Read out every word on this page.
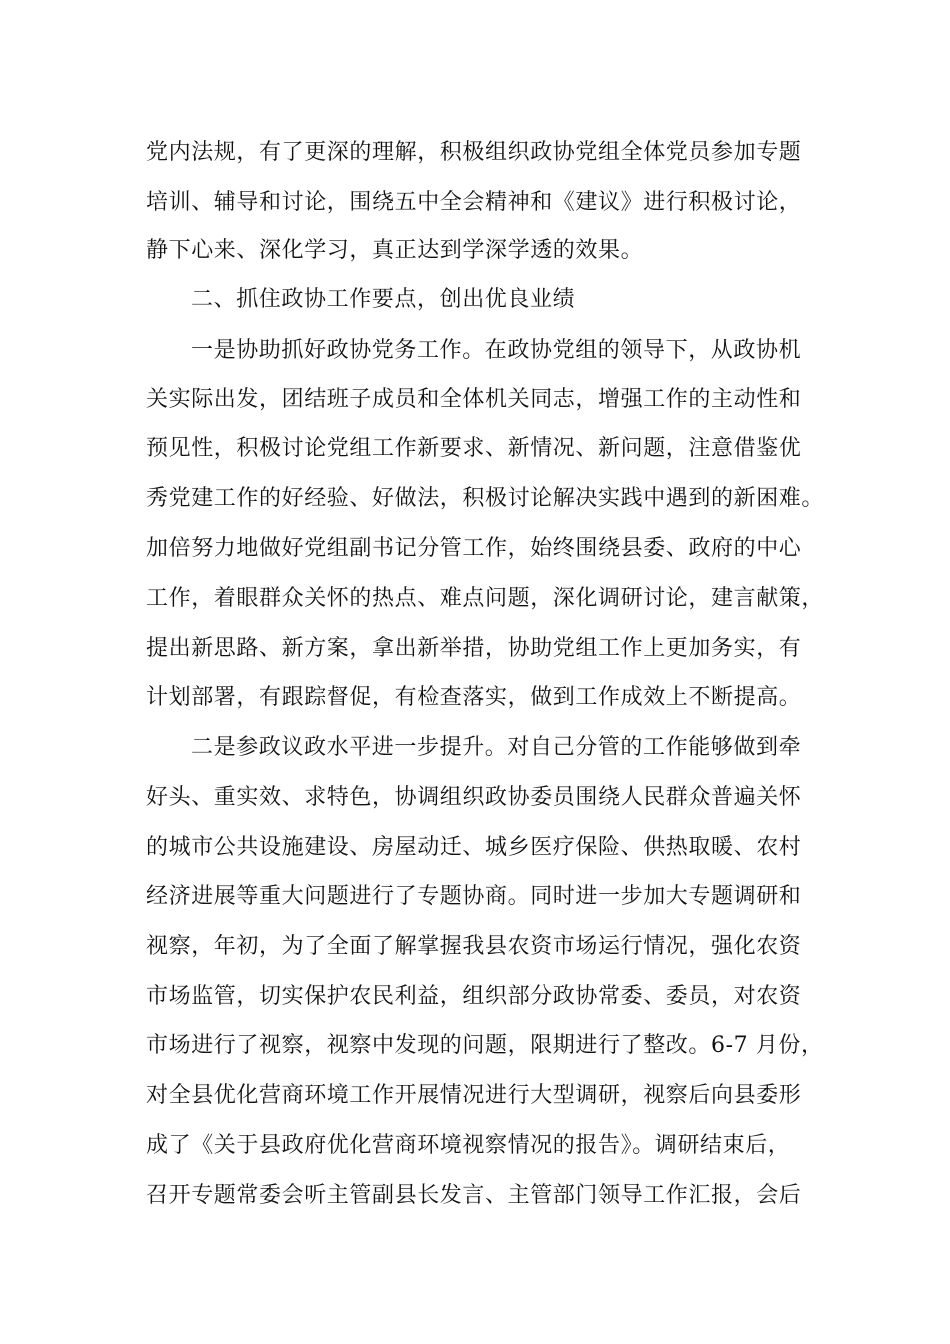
党内法规，有了更深的理解，积极组织政协党组全体党员参加专题
培训、辅导和讨论，围绕五中全会精神和《建议》进行积极讨论，
静下心来、深化学习，真正达到学深学透的效果。
二、抓住政协工作要点，创出优良业绩
一是协助抓好政协党务工作。在政协党组的领导下，从政协机
关实际出发，团结班子成员和全体机关同志，增强工作的主动性和
预见性，积极讨论党组工作新要求、新情况、新问题，注意借鉴优
秀党建工作的好经验、好做法，积极讨论解决实践中遇到的新困难。
加倍努力地做好党组副书记分管工作，始终围绕县委、政府的中心
工作，着眼群众关怀的热点、难点问题，深化调研讨论，建言献策，
提出新思路、新方案，拿出新举措，协助党组工作上更加务实，有
计划部署，有跟踪督促，有检查落实，做到工作成效上不断提高。
二是参政议政水平进一步提升。对自己分管的工作能够做到牵
好头、重实效、求特色，协调组织政协委员围绕人民群众普遍关怀
的城市公共设施建设、房屋动迁、城乡医疗保险、供热取暖、农村
经济进展等重大问题进行了专题协商。同时进一步加大专题调研和
视察，年初，为了全面了解掌握我县农资市场运行情况，强化农资
市场监管，切实保护农民利益，组织部分政协常委、委员，对农资
市场进行了视察，视察中发现的问题，限期进行了整改。6-7 月份，
对全县优化营商环境工作开展情况进行大型调研，视察后向县委形
成了《关于县政府优化营商环境视察情况的报告》。调研结束后，
召开专题常委会听主管副县长发言、主管部门领导工作汇报，会后
